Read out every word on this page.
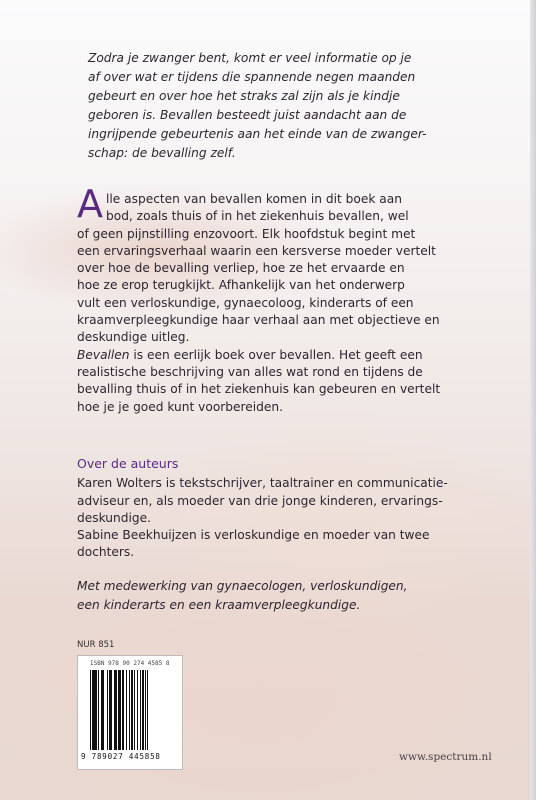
Zodra je zwanger bent, komt er veel informatie op je

af over wat er tijdens die spannende negen maanden

gebeurt en over hoe het straks zal zijn als je kindje

geboren is. Bevallen besteedt juist aandacht aan de

ingrijpende gebeurtenis aan het einde van de zwanger-

schap: de bevalling zelf.

Alle aspecten van bevallen komen in dit boek aan

bod, zoals thuis of in het ziekenhuis bevallen, wel

of geen pijnstilling enzovoort. Elk hoofdstuk begint met

een ervaringsverhaal waarin een kersverse moeder vertelt

over hoe de bevalling verliep, hoe ze het ervaarde en

hoe ze erop terugkijkt. Afhankelijk van het onderwerp

vult een verloskundige, gynaecoloog, kinderarts of een

kraamverpleegkundige haar verhaal aan met objectieve en

deskundige uitleg.

Bevallen is een eerlijk boek over bevallen. Het geeft een

realistische beschrijving van alles wat rond en tijdens de

bevalling thuis of in het ziekenhuis kan gebeuren en vertelt

hoe je je goed kunt voorbereiden.

Over de auteurs

Karen Wolters is tekstschrijver, taaltrainer en communicatie-

adviseur en, als moeder van drie jonge kinderen, ervarings-

deskundige.

Sabine Beekhuijzen is verloskundige en moeder van twee

dochters.

Met medewerking van gynaecologen, verloskundigen,

een kinderarts en een kraamverpleegkundige.

NUR 851
ISBN 978 90 274 4585 8
9 789027 445858	www.spectrum.nl
